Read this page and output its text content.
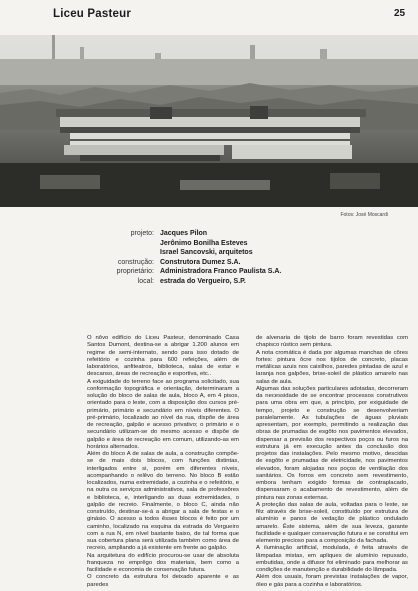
Liceu Pasteur	25
Fotos: José Moscardi
projeto: Jacques Pilon
Jerônimo Bonilha Esteves
Israel Sancovski, arquitetos
construção: Construtora Dumez S.A.
proprietário: Administradora Franco Paulista S.A.
local: estrada do Vergueiro, S.P.

O nôvo edifício do Liceu Pasteur, denominado Casa Santos Dumont, destina-se a abrigar 1.200 alunos em regime de semi-internato, sendo para isso dotado de refeitório e cozinha para 600 refeições, além de laboratórios, anfiteatros, biblioteca, salas de estar e descanso, áreas de recreação e esportiva, etc..

A exiguidade do terreno face ao programa solicitado, sua conformação topográfica e orientação, determinaram a solução do bloco de salas de aula, bloco A, em 4 pisos, orientado para o leste, com a disposição dos cursos pré-primário, primário e secundário em níveis diferentes. O pré-primário, localizado ao nível da rua, dispõe de área de recreação, galpão e acesso privativo; o primário e o secundário utilizam-se do mesmo acesso e dispõe de galpão e área de recreação em comum, utilizando-as em horários alternados.

Além do bloco A de salas de aula, a construção compõe-se de mais dois blocos, com funções distintas, interligados entre si, porém em diferentes níveis, acompanhando o relêvo do terreno. No bloco B estão localizados, numa extremidade, a cozinha e o refeitório, e na outra os serviços administrativos, sala de professôres e biblioteca, e, interligando as duas extremidades, o galpão de recreio. Finalmente, o bloco C, ainda não construído, destinar-se-á a abrigar a sala de festas e o ginásio. O acesso a todos êsses blocos é feito por um caminho, localizado na esquina da estrada do Vergueiro com a rua N, em nível bastante baixo, de tal forma que sua cobertura plana será utilizada também como área de recreio, ampliando a já existente em frente ao galpão.

Na arquitetura do edifício procurou-se usar de absoluta franqueza no emprêgo dos materiais, bem como a facilidade e economia de conservação futura.

O concreto da estrutura foi deixado aparente e as paredes

de alvenaria de tijolo de barro foram revestidas com chapisco rústico sem pintura.

A nota cromática é dada por algumas manchas de côres fortes: pintura ôcre nos tijolos de concreto, placas metálicas azuis nos caixilhos, paredes pintadas de azul e laranja nos galpões, brise-soleil de plástico amarelo nas salas de aula.

Algumas das soluções particulares adotadas, decorreram da necessidade de se encontrar processos construtivos para uma obra em que, a princípio, por exiguidade de tempo, projeto e construção se desenvolveriam paralelamente. As tubulações de águas pluviais apresentam, por exemplo, permitindo a realização das obras de prumadas de esgôto nos pavimentos elevados, dispensar a previsão dos respectivos poços ou furos na estrutura já em execução antes da conclusão dos projetos das instalações. Pelo mesmo motivo, descidas de esgôto e prumadas de eletricidade, nos pavimentos elevados, foram alojadas nos poços de ventilação dos sanitários. Os forros em concreto sem revestimento, embora tenham exigido formas de contraplacado, dispensaram o acabamento de revestimento, além de pintura nas zonas externas.

A proteção das salas de aula, voltadas para o leste, se fêz através de brise-soleil, constituído por estrutura de alumínio e panos de vedação de plástico ondulado amarelo. Êste sistema, além de sua leveza, garante facilidade e qualquer conservação futura e se constitui em elemento precioso para a composição da fachada.

A iluminação artificial, modulada, é feita através de lâmpadas mistas, em apliques de alumínio repuxado, embutidas, onde a difusor foi eliminado para melhorar as condições de manutenção e durabilidade do lâmpada.

Além dos usuais, foram previstas instalações de vapor, óleo e gás para a cozinha e laboratórios.
